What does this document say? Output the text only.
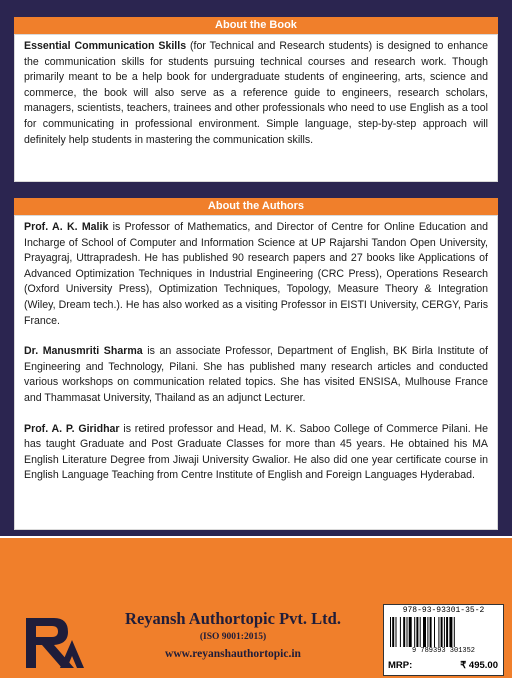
About the Book

Essential Communication Skills (for Technical and Research students) is designed to enhance the communication skills for students pursuing technical courses and research work. Though primarily meant to be a help book for undergraduate students of engineering, arts, science and commerce, the book will also serve as a reference guide to engineers, research scholars, managers, scientists, teachers, trainees and other professionals who need to use English as a tool for communicating in professional environment. Simple language, step-by-step approach will definitely help students in mastering the communication skills.

About the Authors

Prof. A. K. Malik is Professor of Mathematics, and Director of Centre for Online Education and Incharge of School of Computer and Information Science at UP Rajarshi Tandon Open University, Prayagraj, Uttrapradesh. He has published 90 research papers and 27 books like Applications of Advanced Optimization Techniques in Industrial Engineering (CRC Press), Operations Research (Oxford University Press), Optimization Techniques, Topology, Measure Theory & Integration (Wiley, Dream tech.). He has also worked as a visiting Professor in EISTI University, CERGY, Paris France.

Dr. Manusmriti Sharma is an associate Professor, Department of English, BK Birla Institute of Engineering and Technology, Pilani. She has published many research articles and conducted various workshops on communication related topics. She has visited ENSISA, Mulhouse France and Thammasat University, Thailand as an adjunct Lecturer.

Prof. A. P. Giridhar is retired professor and Head, M. K. Saboo College of Commerce Pilani. He has taught Graduate and Post Graduate Classes for more than 45 years. He obtained his MA English Literature Degree from Jiwaji University Gwalior. He also did one year certificate course in English Language Teaching from Centre Institute of English and Foreign Languages Hyderabad.

Reyansh Authortopic Pvt. Ltd.
(ISO 9001:2015)
www.reyanshauthortopic.in
978-93-93301-35-2
9 789393 301352
MRP:	₹ 495.00
